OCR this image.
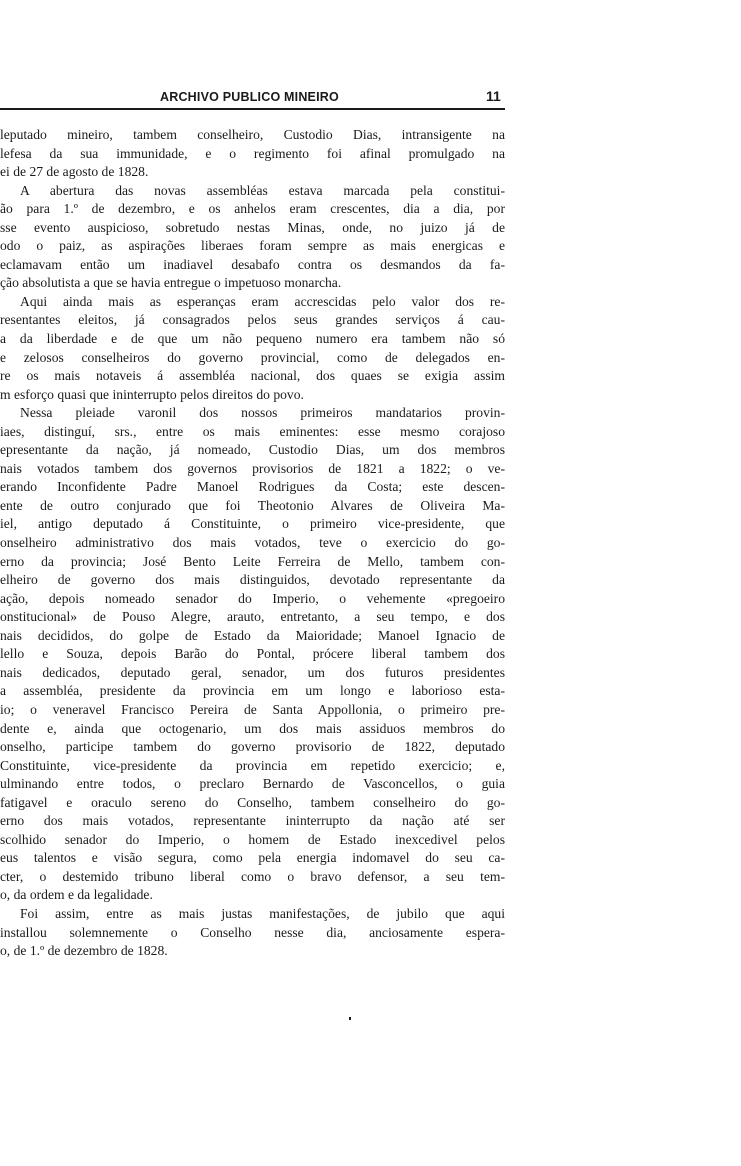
ARCHIVO PUBLICO MINEIRO	11
leputado mineiro, tambem conselheiro, Custodio Dias, intransigente na
lefesa da sua immunidade, e o regimento foi afinal promulgado na
ei de 27 de agosto de 1828.
A abertura das novas assembléas estava marcada pela constitui-
ão para 1.º de dezembro, e os anhelos eram crescentes, dia a dia, por
sse evento auspicioso, sobretudo nestas Minas, onde, no juizo já de
odo o paiz, as aspirações liberaes foram sempre as mais energicas e
eclamavam então um inadiavel desabafo contra os desmandos da fa-
ção absolutista a que se havia entregue o impetuoso monarcha.
Aqui ainda mais as esperanças eram accrescidas pelo valor dos re-
resentantes eleitos, já consagrados pelos seus grandes serviços á cau-
a da liberdade e de que um não pequeno numero era tambem não só
e zelosos conselheiros do governo provincial, como de delegados en-
re os mais notaveis á assembléa nacional, dos quaes se exigia assim
m esforço quasi que ininterrupto pelos direitos do povo.
Nessa pleiade varonil dos nossos primeiros mandatarios provin-
iaes, distinguí, srs., entre os mais eminentes: esse mesmo corajoso
epresentante da nação, já nomeado, Custodio Dias, um dos membros
nais votados tambem dos governos provisorios de 1821 a 1822; o ve-
erando Inconfidente Padre Manoel Rodrigues da Costa; este descen-
ente de outro conjurado que foi Theotonio Alvares de Oliveira Ma-
iel, antigo deputado á Constituinte, o primeiro vice-presidente, que
onselheiro administrativo dos mais votados, teve o exercicio do go-
erno da provincia; José Bento Leite Ferreira de Mello, tambem con-
elheiro de governo dos mais distinguidos, devotado representante da
ação, depois nomeado senador do Imperio, o vehemente «pregoeiro
onstitucional» de Pouso Alegre, arauto, entretanto, a seu tempo, e dos
nais decididos, do golpe de Estado da Maioridade; Manoel Ignacio de
lello e Souza, depois Barão do Pontal, prócere liberal tambem dos
nais dedicados, deputado geral, senador, um dos futuros presidentes
a assembléa, presidente da provincia em um longo e laborioso esta-
io; o veneravel Francisco Pereira de Santa Appollonia, o primeiro pre-
dente e, ainda que octogenario, um dos mais assiduos membros do
onselho, participe tambem do governo provisorio de 1822, deputado
Constituinte, vice-presidente da provincia em repetido exercicio; e,
ulminando entre todos, o preclaro Bernardo de Vasconcellos, o guia
fatigavel e oraculo sereno do Conselho, tambem conselheiro do go-
erno dos mais votados, representante ininterrupto da nação até ser
scolhido senador do Imperio, o homem de Estado inexcedivel pelos
eus talentos e visão segura, como pela energia indomavel do seu ca-
cter, o destemido tribuno liberal como o bravo defensor, a seu tem-
o, da ordem e da legalidade.
Foi assim, entre as mais justas manifestações, de jubilo que aqui
installou solemnemente o Conselho nesse dia, anciosamente espera-
o, de 1.º de dezembro de 1828.
